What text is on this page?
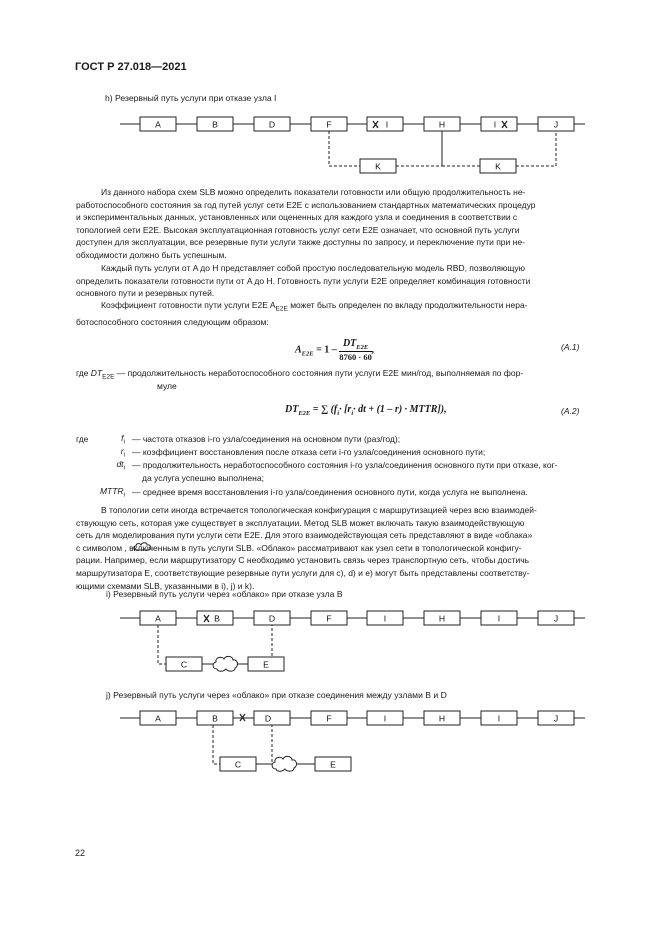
ГОСТ Р 27.018—2021
h) Резервный путь услуги при отказе узла I
A	B	D	F	I	H	I	J
K	K
Из данного набора схем SLB можно определить показатели готовности или общую продолжительность не-
работоспособного состояния за год путей услуг сети E2E с использованием стандартных математических процедур
и экспериментальных данных, установленных или оцененных для каждого узла и соединения в соответствии с
топологией сети E2E. Высокая эксплуатационная готовность услуг сети E2E означает, что основной путь услуги
доступен для эксплуатации, все резервные пути услуги также доступны по запросу, и переключение пути при не-
обходимости должно быть успешным.
Каждый путь услуги от A до H представляет собой простую последовательную модель RBD, позволяющую
определить показатели готовности пути от A до H. Готовность пути услуги E2E определяет комбинация готовности
основного пути и резервных путей.
Коэффициент готовности пути услуги E2E $A_{E2E}$ может быть определен по вкладу продолжительности нера-
ботоспособного состояния следующим образом:
$A_{E2E} = 1$ –
$DT_{E2E}$
8760 · 60
,	(A.1)
где $DT_{E2E}$ — продолжительность неработоспособного состояния пути услуги E2E мин/год, выполняемая по фор-
муле
$DT_{E2E}$ = ∑ ($f_i\cdot [r_i\cdot$ dt + (1 – r) · MTTR]),	(A.2)
где	$f_i$ — частота отказов i-го узла/соединения на основном пути (раз/год);
$r_i$ — коэффициент восстановления после отказа сети i-го узла/соединения основного пути;
$dt_i$ — продолжительность неработоспособного состояния i-го узла/соединения основного пути при отказе, ког-
да услуга успешно выполнена;
$MTTR_i$ — среднее время восстановления i-го узла/соединения основного пути, когда услуга не выполнена.
В топологии сети иногда встречается топологическая конфигурация с маршрутизацией через всю взаимодей-
ствующую сеть, которая уже существует в эксплуатации. Метод SLB может включать такую взаимодействующую
сеть для моделирования пути услуги сети E2E. Для этого взаимодействующая сеть представляют в виде «облака»
с символом , включенным в путь услуги SLB. «Облако» рассматривают как узел сети в топологической конфигу-
рации. Например, если маршрутизатору C необходимо установить связь через транспортную сеть, чтобы достичь
маршрутизатора E, соответствующие резервные пути услуги для c), d) и e) могут быть представлены соответству-
ющими схемами SLB, указанными в i), j) и k).
i) Резервный путь услуги через «облако» при отказе узла B
A	B	D	F	I	H	I	J
C	E
j) Резервный путь услуги через «облако» при отказе соединения между узлами B и D
A	B	D	F	I	H	I	J
C	E
22
